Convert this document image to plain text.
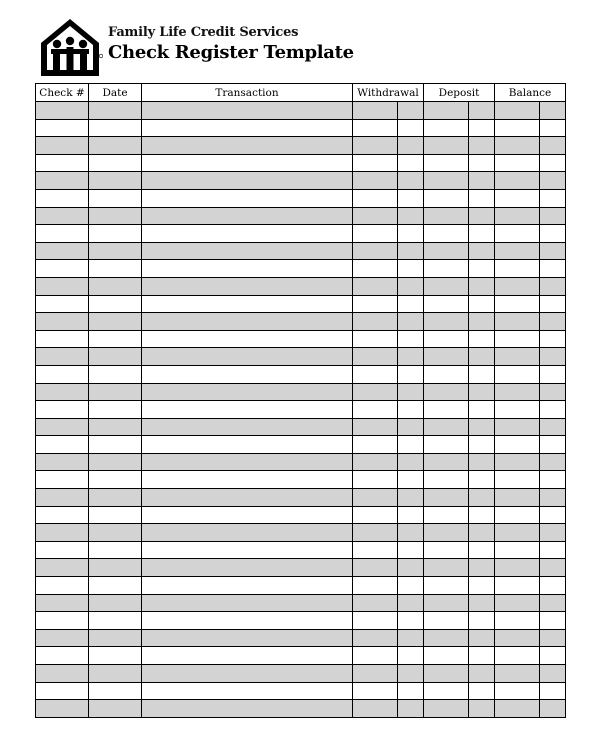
Family Life Credit Services
Check Register Template
Check #	Date	Transaction	Withdrawal		Deposit		Balance	
